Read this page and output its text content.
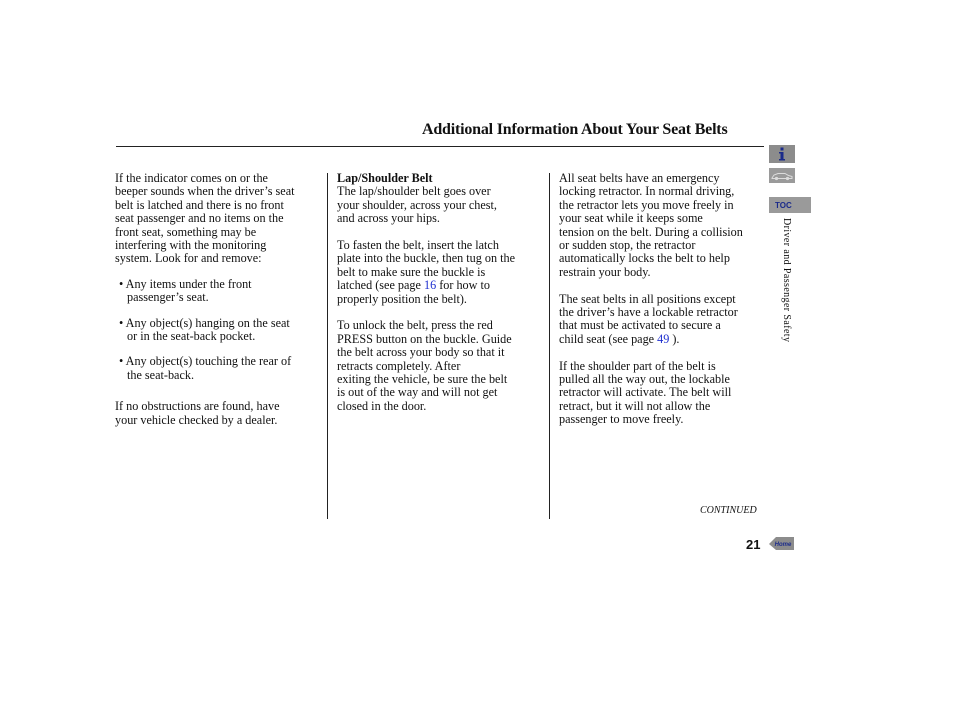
Additional Information About Your Seat Belts

If the indicator comes on or the

beeper sounds when the driver’s seat

belt is latched and there is no front

seat passenger and no items on the

front seat, something may be

interfering with the monitoring

system. Look for and remove:

• Any items under the front

passenger’s seat.

• Any object(s) hanging on the seat

or in the seat-back pocket.

• Any object(s) touching the rear of

the seat-back.

If no obstructions are found, have

your vehicle checked by a dealer.

Lap/Shoulder Belt

The lap/shoulder belt goes over

your shoulder, across your chest,

and across your hips.

To fasten the belt, insert the latch

plate into the buckle, then tug on the

belt to make sure the buckle is

latched (see page 16 for how to

properly position the belt).

To unlock the belt, press the red

PRESS button on the buckle. Guide

the belt across your body so that it

retracts completely. After

exiting the vehicle, be sure the belt

is out of the way and will not get

closed in the door.

All seat belts have an emergency

locking retractor. In normal driving,

the retractor lets you move freely in

your seat while it keeps some

tension on the belt. During a collision

or sudden stop, the retractor

automatically locks the belt to help

restrain your body.

The seat belts in all positions except

the driver’s have a lockable retractor

that must be activated to secure a

child seat (see page 49 ).

If the shoulder part of the belt is

pulled all the way out, the lockable

retractor will activate. The belt will

retract, but it will not allow the

passenger to move freely.

TOC
Driver and Passenger Safety
CONTINUED
21 Home
